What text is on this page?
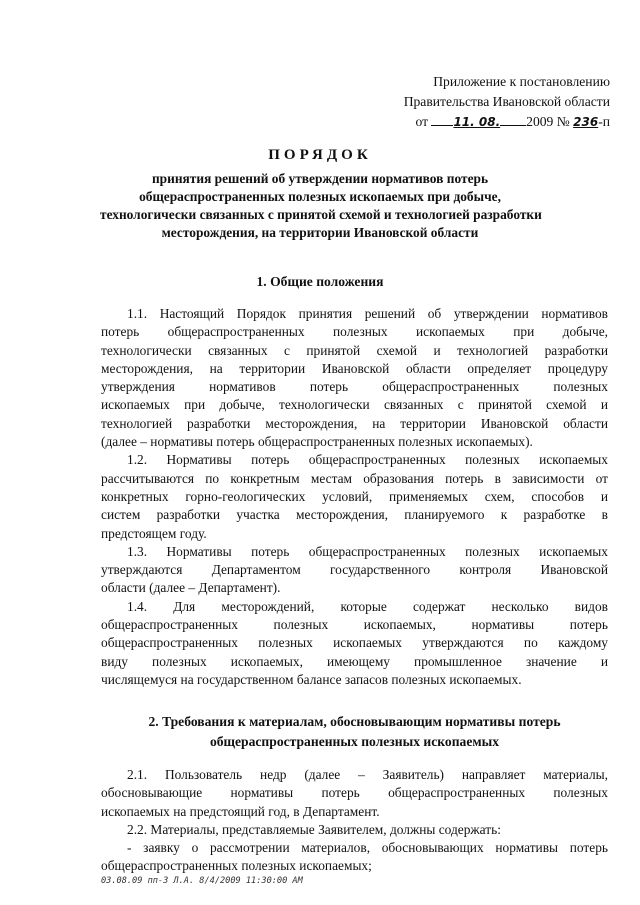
Приложение к постановлению
Правительства Ивановской области
от 11. 08. 2009 № 236-п
ПОРЯДОК
принятия решений об утверждении нормативов потерь
общераспространенных полезных ископаемых при добыче,
технологически связанных с принятой схемой и технологией разработки
месторождения, на территории Ивановской области
1. Общие положения
1.1. Настоящий Порядок принятия решений об утверждении нормативов
потерь общераспространенных полезных ископаемых при добыче,
технологически связанных с принятой схемой и технологией разработки
месторождения, на территории Ивановской области определяет процедуру
утверждения нормативов потерь общераспространенных полезных
ископаемых при добыче, технологически связанных с принятой схемой и
технологией разработки месторождения, на территории Ивановской области
(далее – нормативы потерь общераспространенных полезных ископаемых).
1.2. Нормативы потерь общераспространенных полезных ископаемых
рассчитываются по конкретным местам образования потерь в зависимости от
конкретных горно-геологических условий, применяемых схем, способов и
систем разработки участка месторождения, планируемого к разработке в
предстоящем году.
1.3. Нормативы потерь общераспространенных полезных ископаемых
утверждаются Департаментом государственного контроля Ивановской
области (далее – Департамент).
1.4. Для месторождений, которые содержат несколько видов
общераспространенных полезных ископаемых, нормативы потерь
общераспространенных полезных ископаемых утверждаются по каждому
виду полезных ископаемых, имеющему промышленное значение и
числящемуся на государственном балансе запасов полезных ископаемых.
2. Требования к материалам, обосновывающим нормативы потерь
общераспространенных полезных ископаемых
2.1. Пользователь недр (далее – Заявитель) направляет материалы,
обосновывающие нормативы потерь общераспространенных полезных
ископаемых на предстоящий год, в Департамент.
2.2. Материалы, представляемые Заявителем, должны содержать:
- заявку о рассмотрении материалов, обосновывающих нормативы потерь
общераспространенных полезных ископаемых;
03.08.09 пп-3 Л.А. 8/4/2009 11:30:00 AM
